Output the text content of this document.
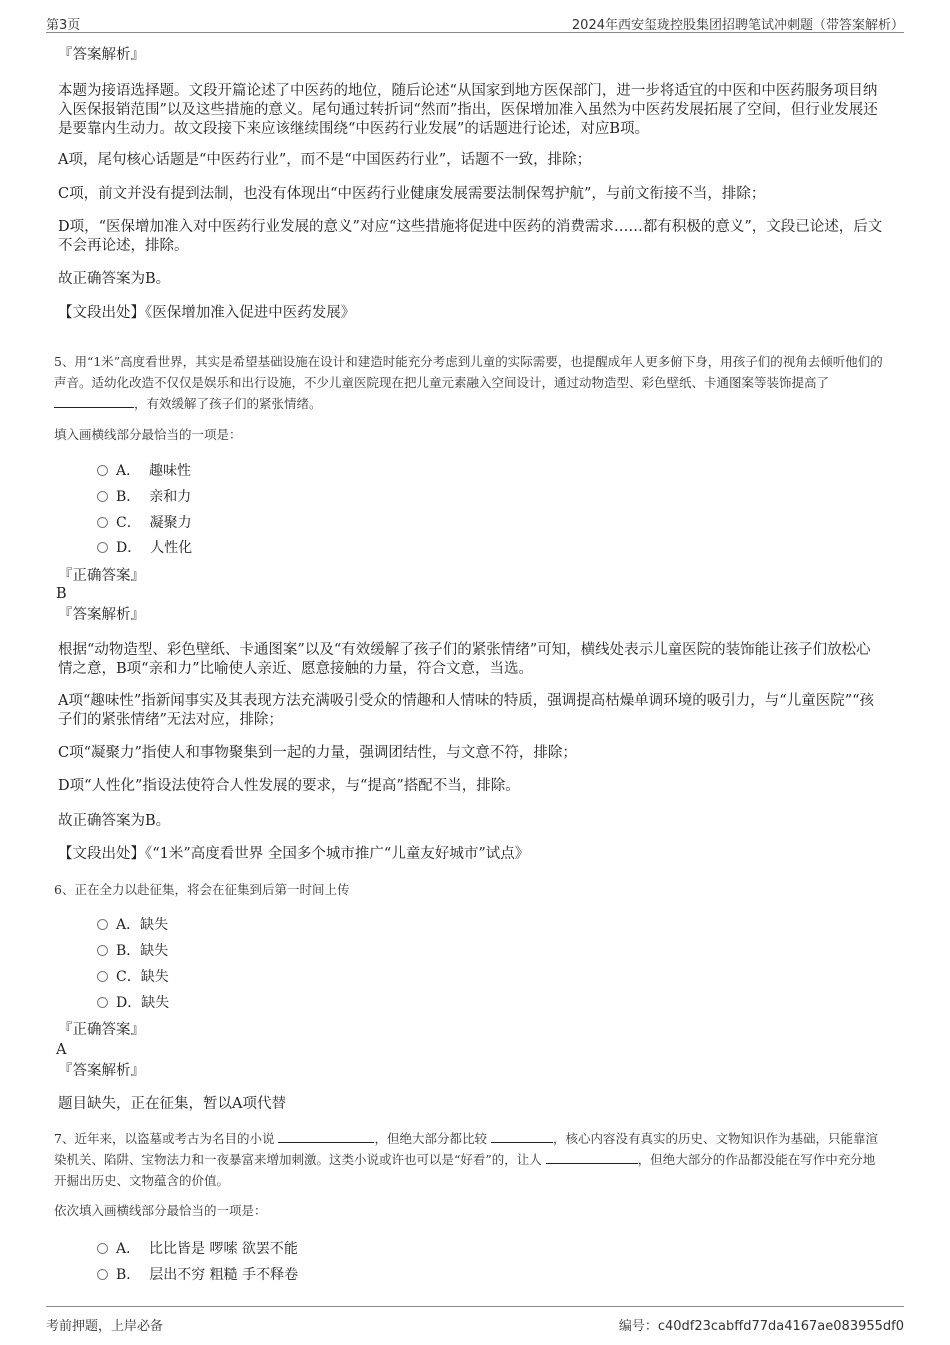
第3页	2024年西安玺珑控股集团招聘笔试冲刺题（带答案解析）
『答案解析』
本题为接语选择题。文段开篇论述了中医药的地位，随后论述“从国家到地方医保部门，进一步将适宜的中医和中医药服务项目纳入医保报销范围”以及这些措施的意义。尾句通过转折词“然而”指出，医保增加准入虽然为中医药发展拓展了空间，但行业发展还是要靠内生动力。故文段接下来应该继续围绕“中医药行业发展”的话题进行论述，对应B项。
A项，尾句核心话题是“中医药行业”，而不是“中国医药行业”，话题不一致，排除；
C项，前文并没有提到法制，也没有体现出“中医药行业健康发展需要法制保驾护航”，与前文衔接不当，排除；
D项，“医保增加准入对中医药行业发展的意义”对应“这些措施将促进中医药的消费需求……都有积极的意义”，文段已论述，后文不会再论述，排除。
故正确答案为B。
【文段出处】《医保增加准入促进中医药发展》
5、用“1米”高度看世界，其实是希望基础设施在设计和建造时能充分考虑到儿童的实际需要，也提醒成年人更多俯下身，用孩子们的视角去倾听他们的声音。适幼化改造不仅仅是娱乐和出行设施，不少儿童医院现在把儿童元素融入空间设计，通过动物造型、彩色壁纸、卡通图案等装饰提高了 ，有效缓解了孩子们的紧张情绪。
填入画横线部分最恰当的一项是：
A． 趣味性
B． 亲和力
C． 凝聚力
D． 人性化
『正确答案』
B
『答案解析』
根据“动物造型、彩色壁纸、卡通图案”以及“有效缓解了孩子们的紧张情绪”可知，横线处表示儿童医院的装饰能让孩子们放松心情之意，B项“亲和力”比喻使人亲近、愿意接触的力量，符合文意，当选。
A项“趣味性”指新闻事实及其表现方法充满吸引受众的情趣和人情味的特质，强调提高枯燥单调环境的吸引力，与“儿童医院”“孩子们的紧张情绪”无法对应，排除；
C项“凝聚力”指使人和事物聚集到一起的力量，强调团结性，与文意不符，排除；
D项“人性化”指设法使符合人性发展的要求，与“提高”搭配不当，排除。
故正确答案为B。
【文段出处】《“1米”高度看世界 全国多个城市推广“儿童友好城市”试点》
6、正在全力以赴征集，将会在征集到后第一时间上传
A．缺失
B．缺失
C．缺失
D．缺失
『正确答案』
A
『答案解析』
题目缺失，正在征集，暂以A项代替
7、近年来，以盗墓或考古为名目的小说	，但绝大部分都比较	，核心内容没有真实的历史、文物知识作为基础，只能靠渲染机关、陷阱、宝物法力和一夜暴富来增加刺激。这类小说或许也可以是“好看”的，让人	，但绝大部分的作品都没能在写作中充分地开掘出历史、文物蕴含的价值。
依次填入画横线部分最恰当的一项是：
A． 比比皆是 啰嗦 欲罢不能
B． 层出不穷 粗糙 手不释卷
考前押题，上岸必备	编号：c40df23cabffd77da4167ae083955df0
